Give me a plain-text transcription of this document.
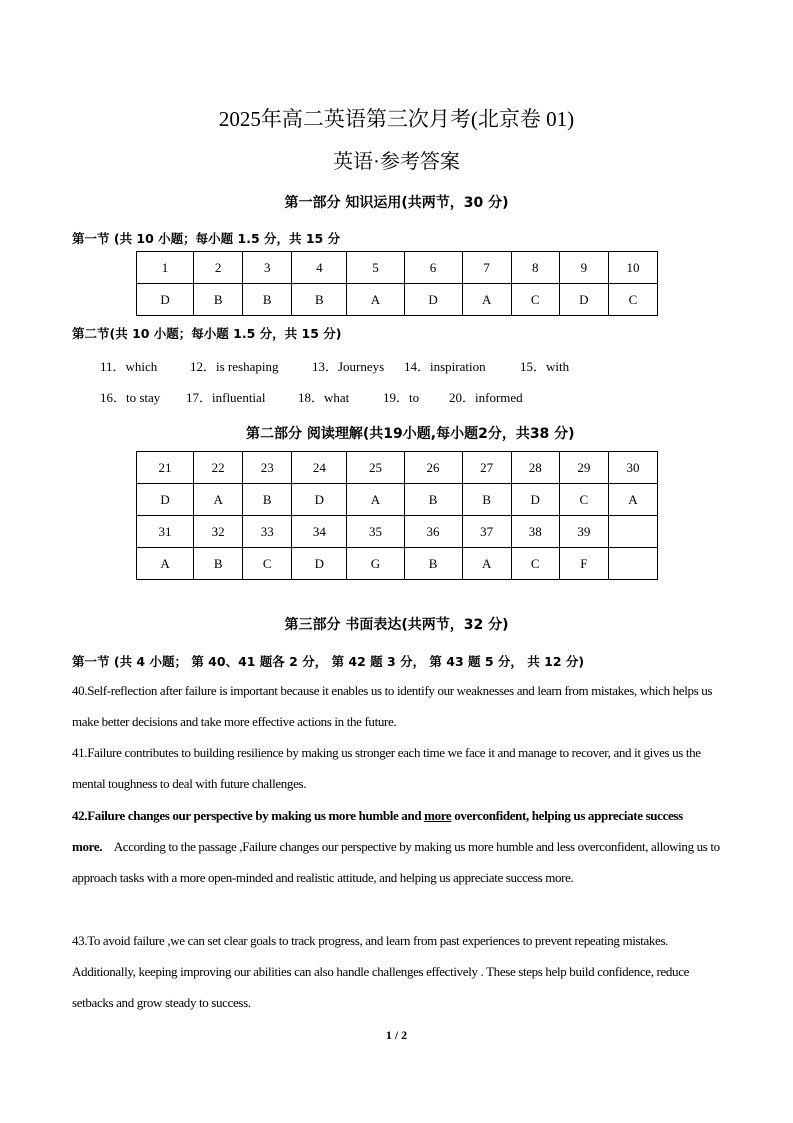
2025年高二英语第三次月考(北京卷 01)
英语·参考答案
第一部分 知识运用(共两节，30 分)
第一节 (共 10 小题；每小题 1.5 分，共 15 分
1	2	3	4	5	6	7	8	9	10
D	B	B	B	A	D	A	C	D	C
第二节(共 10 小题；每小题 1.5 分，共 15 分)
11．which	12．is reshaping	13．Journeys 14．inspiration	15．with
16．to stay 17．influential	18．what	19．to 20．informed
第二部分 阅读理解(共19小题,每小题2分，共38 分)
21	22	23	24	25	26	27	28	29	30
D	A	B	D	A	B	B	D	C	A
31	32	33	34	35	36	37	38	39	
A	B	C	D	G	B	A	C	F	
第三部分 书面表达(共两节，32 分)
第一节 (共 4 小题； 第 40、41 题各 2 分， 第 42 题 3 分， 第 43 题 5 分， 共 12 分)
40.Self-reflection after failure is important because it enables us to identify our weaknesses and learn from mistakes, which helps us make better decisions and take more effective actions in the future.
41.Failure contributes to building resilience by making us stronger each time we face it and manage to recover, and it gives us the mental toughness to deal with future challenges.
42.Failure changes our perspective by making us more humble and more overconfident, helping us appreciate success more. According to the passage ,Failure changes our perspective by making us more humble and less overconfident, allowing us to approach tasks with a more open-minded and realistic attitude, and helping us appreciate success more.
43.To avoid failure ,we can set clear goals to track progress, and learn from past experiences to prevent repeating mistakes. Additionally, keeping improving our abilities can also handle challenges effectively . These steps help build confidence, reduce setbacks and grow steady to success.
1 / 2
